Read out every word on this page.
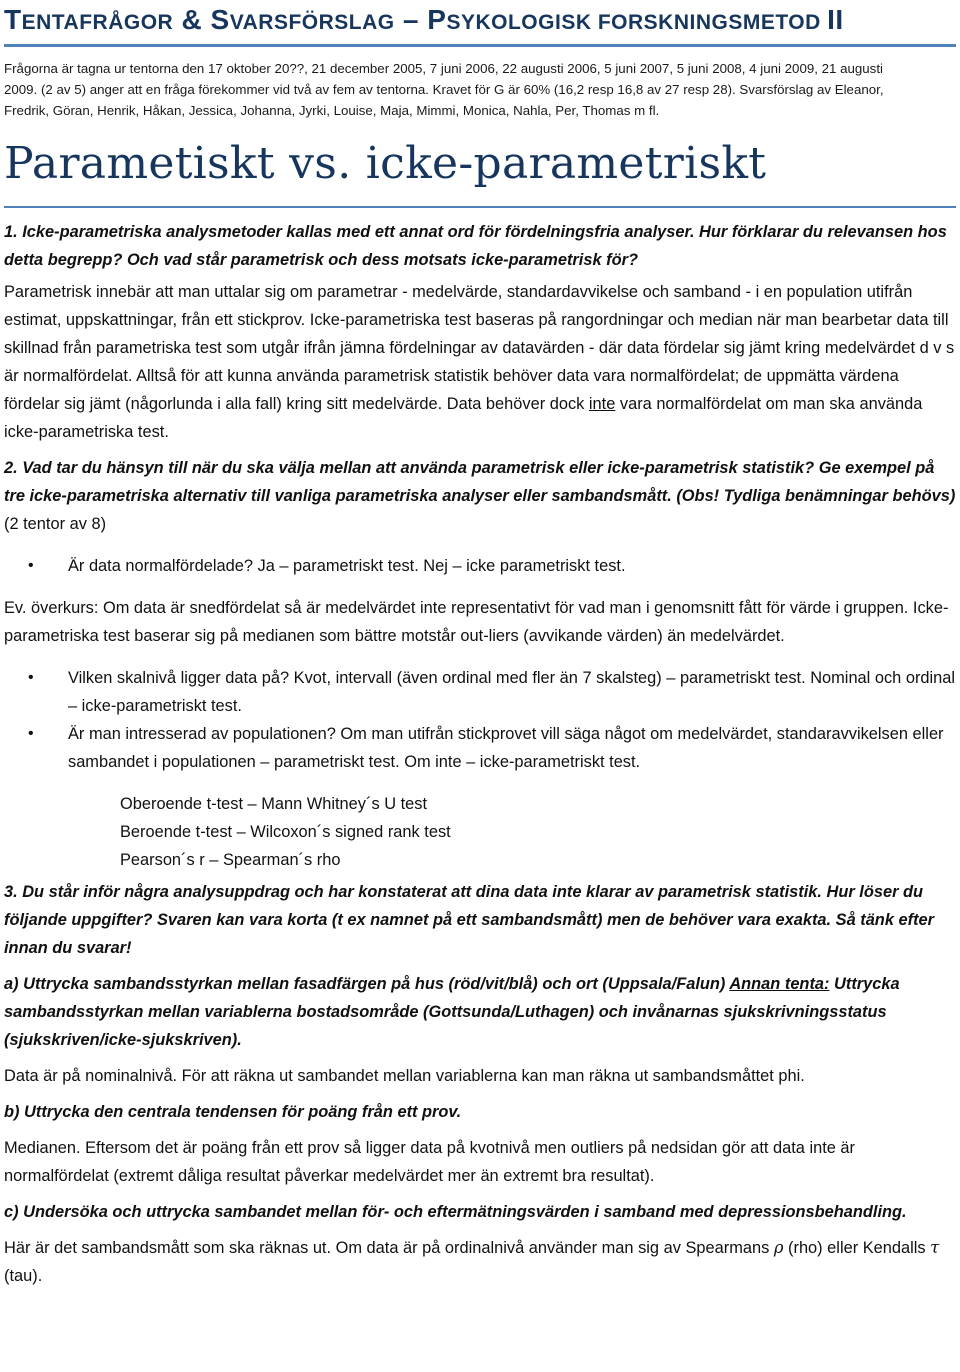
TENTAFRÅGOR & SVARSFÖRSLAG – PSYKOLOGISK FORSKNINGSMETOD II

Frågorna är tagna ur tentorna den 17 oktober 20??, 21 december 2005, 7 juni 2006, 22 augusti 2006, 5 juni 2007, 5 juni 2008, 4 juni 2009, 21 augusti

2009. (2 av 5) anger att en fråga förekommer vid två av fem av tentorna. Kravet för G är 60% (16,2 resp 16,8 av 27 resp 28). Svarsförslag av Eleanor,

Fredrik, Göran, Henrik, Håkan, Jessica, Johanna, Jyrki, Louise, Maja, Mimmi, Monica, Nahla, Per, Thomas m fl.

Parametiskt vs. icke-parametriskt

1. Icke-parametriska analysmetoder kallas med ett annat ord för fördelningsfria analyser. Hur förklarar du relevansen hos detta begrepp? Och vad står parametrisk och dess motsats icke-parametrisk för?

Parametrisk innebär att man uttalar sig om parametrar - medelvärde, standardavvikelse och samband - i en population utifrån estimat, uppskattningar, från ett stickprov. Icke-parametriska test baseras på rangordningar och median när man bearbetar data till skillnad från parametriska test som utgår ifrån jämna fördelningar av datavärden - där data fördelar sig jämt kring medelvärdet d v s är normalfördelat. Alltså för att kunna använda parametrisk statistik behöver data vara normalfördelat; de uppmätta värdena fördelar sig jämt (någorlunda i alla fall) kring sitt medelvärde. Data behöver dock inte vara normalfördelat om man ska använda icke-parametriska test.

2. Vad tar du hänsyn till när du ska välja mellan att använda parametrisk eller icke-parametrisk statistik? Ge exempel på tre icke-parametriska alternativ till vanliga parametriska analyser eller sambandsmått. (Obs! Tydliga benämningar behövs) (2 tentor av 8)

• Är data normalfördelade? Ja – parametriskt test. Nej – icke parametriskt test.

Ev. överkurs: Om data är snedfördelat så är medelvärdet inte representativt för vad man i genomsnitt fått för värde i gruppen. Icke-parametriska test baserar sig på medianen som bättre motstår out-liers (avvikande värden) än medelvärdet.

• Vilken skalnivå ligger data på? Kvot, intervall (även ordinal med fler än 7 skalsteg) – parametriskt test. Nominal och ordinal – icke-parametriskt test.
• Är man intresserad av populationen? Om man utifrån stickprovet vill säga något om medelvärdet, standaravvikelsen eller sambandet i populationen – parametriskt test. Om inte – icke-parametriskt test.

Oberoende t-test – Mann Whitney´s U test

Beroende t-test – Wilcoxon´s signed rank test

Pearson´s r – Spearman´s rho

3. Du står inför några analysuppdrag och har konstaterat att dina data inte klarar av parametrisk statistik. Hur löser du följande uppgifter? Svaren kan vara korta (t ex namnet på ett sambandsmått) men de behöver vara exakta. Så tänk efter innan du svarar!

a) Uttrycka sambandsstyrkan mellan fasadfärgen på hus (röd/vit/blå) och ort (Uppsala/Falun) Annan tenta: Uttrycka sambandsstyrkan mellan variablerna bostadsområde (Gottsunda/Luthagen) och invånarnas sjukskrivningsstatus (sjukskriven/icke-sjukskriven).

Data är på nominalnivå. För att räkna ut sambandet mellan variablerna kan man räkna ut sambandsmåttet phi.

b) Uttrycka den centrala tendensen för poäng från ett prov.

Medianen. Eftersom det är poäng från ett prov så ligger data på kvotnivå men outliers på nedsidan gör att data inte är normalfördelat (extremt dåliga resultat påverkar medelvärdet mer än extremt bra resultat).

c) Undersöka och uttrycka sambandet mellan för- och eftermätningsvärden i samband med depressionsbehandling.

Här är det sambandsmått som ska räknas ut. Om data är på ordinalnivå använder man sig av Spearmans ρ (rho) eller Kendalls τ (tau).
